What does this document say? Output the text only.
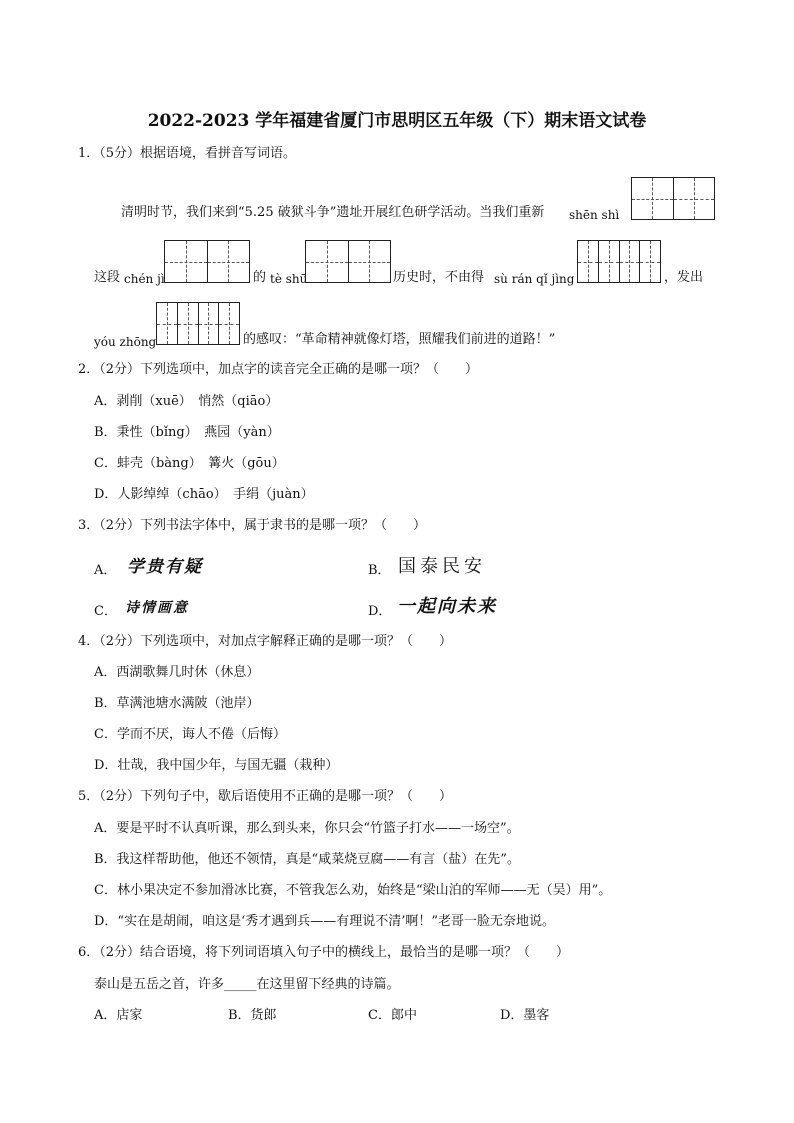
2022-2023 学年福建省厦门市思明区五年级（下）期末语文试卷
1．（5分）根据语境，看拼音写词语。
清明时节，我们来到“5.25 破狱斗争”遗址开展红色研学活动。当我们重新 shēn shì
这段 chén jì	的 tè shū	历史时，不由得 sù rán qǐ jìng	，发出
yóu zhōng	的感叹：“革命精神就像灯塔，照耀我们前进的道路！”
2．（2分）下列选项中，加点字的读音完全正确的是哪一项？（　　）
A．剥削（xuē）　悄然（qiāo）
B．秉性（bǐng）　燕园（yàn）
C．蚌壳（bàng）　篝火（gōu）
D．人影绰绰（chāo）　手绢（juàn）
3．（2分）下列书法字体中，属于隶书的是哪一项？（　　）
A． 学贵有疑	B． 国泰民安
C． 诗情画意	D． 一起向未来
4．（2分）下列选项中，对加点字解释正确的是哪一项？（　　）
A．西湖歌舞几时休（休息）
B．草满池塘水满陂（池岸）
C．学而不厌，诲人不倦（后悔）
D．壮哉，我中国少年，与国无疆（栽种）
5．（2分）下列句子中，歇后语使用不正确的是哪一项？（　　）
A．要是平时不认真听课，那么到头来，你只会“竹篮子打水——一场空”。
B．我这样帮助他，他还不领情，真是“咸菜烧豆腐——有言（盐）在先”。
C．林小果决定不参加滑冰比赛，不管我怎么劝，始终是“梁山泊的军师——无（吴）用”。
D．“实在是胡闹，咱这是‘秀才遇到兵——有理说不清’啊！”老哥一脸无奈地说。
6．（2分）结合语境，将下列词语填入句子中的横线上，最恰当的是哪一项？（　　）
泰山是五岳之首，许多_____在这里留下经典的诗篇。
A．店家	B．货郎	C．郎中	D．墨客
